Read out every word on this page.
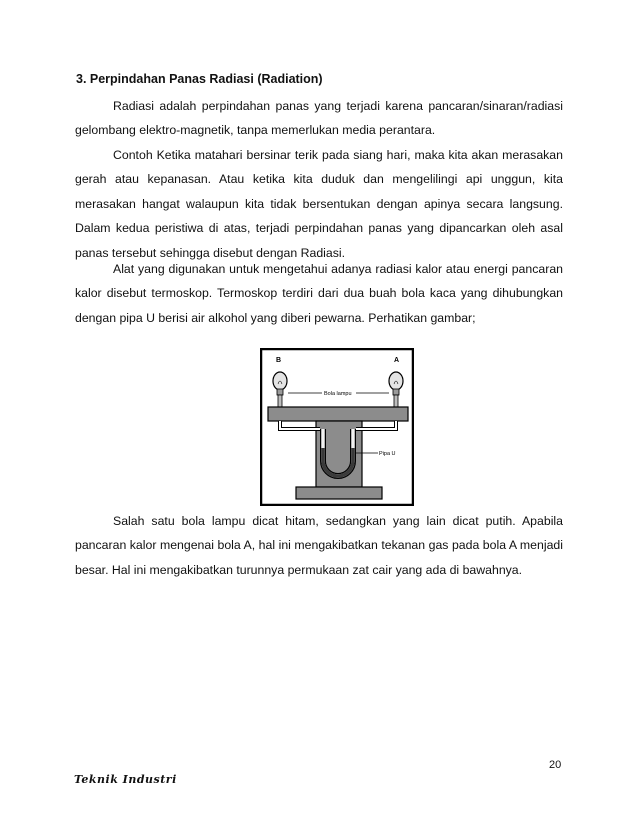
3. Perpindahan Panas Radiasi (Radiation)

Radiasi adalah perpindahan panas yang terjadi karena pancaran/sinaran/radiasi gelombang elektro-magnetik, tanpa memerlukan media perantara.

Contoh Ketika matahari bersinar terik pada siang hari, maka kita akan merasakan gerah atau kepanasan. Atau ketika kita duduk dan mengelilingi api unggun, kita merasakan hangat walaupun kita tidak bersentukan dengan apinya secara langsung. Dalam kedua peristiwa di atas, terjadi perpindahan panas yang dipancarkan oleh asal panas tersebut sehingga disebut dengan Radiasi.

Alat yang digunakan untuk mengetahui adanya radiasi kalor atau energi pancaran kalor disebut termoskop. Termoskop terdiri dari dua buah bola kaca yang dihubungkan dengan pipa U berisi air alkohol yang diberi pewarna. Perhatikan gambar;

B	A
Bola lampu
Pipa U

Salah satu bola lampu dicat hitam, sedangkan yang lain dicat putih. Apabila pancaran kalor mengenai bola A, hal ini mengakibatkan tekanan gas pada bola A menjadi besar. Hal ini mengakibatkan turunnya permukaan zat cair yang ada di bawahnya.

20
Teknik Industri
